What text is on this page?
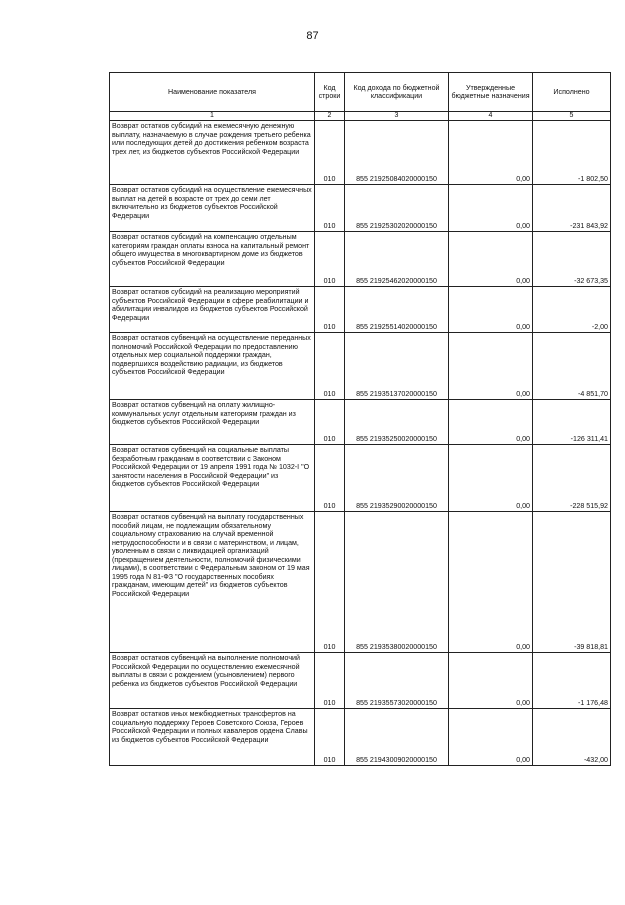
87
Наименование показателя	Код строки	Код дохода по бюджетной классификации	Утвержденные бюджетные назначения	Исполнено
1	2	3	4	5
Возврат остатков субсидий на ежемесячную денежную выплату, назначаемую в случае рождения третьего ребенка или последующих детей до достижения ребенком возраста трех лет, из бюджетов субъектов Российской Федерации	010	855 21925084020000150	0,00	-1 802,50
Возврат остатков субсидий на осуществление ежемесячных выплат на детей в возрасте от трех до семи лет включительно из бюджетов субъектов Российской Федерации	010	855 21925302020000150	0,00	-231 843,92
Возврат остатков субсидий на компенсацию отдельным категориям граждан оплаты взноса на капитальный ремонт общего имущества в многоквартирном доме из бюджетов субъектов Российской Федерации	010	855 21925462020000150	0,00	-32 673,35
Возврат остатков субсидий на реализацию мероприятий субъектов Российской Федерации в сфере реабилитации и абилитации инвалидов из бюджетов субъектов Российской Федерации	010	855 21925514020000150	0,00	-2,00
Возврат остатков субвенций на осуществление переданных полномочий Российской Федерации по предоставлению отдельных мер социальной поддержки граждан, подвергшихся воздействию радиации, из бюджетов субъектов Российской Федерации	010	855 21935137020000150	0,00	-4 851,70
Возврат остатков субвенций на оплату жилищно-коммунальных услуг отдельным категориям граждан из бюджетов субъектов Российской Федерации	010	855 21935250020000150	0,00	-126 311,41
Возврат остатков субвенций на социальные выплаты безработным гражданам в соответствии с Законом Российской Федерации от 19 апреля 1991 года № 1032-I "О занятости населения в Российской Федерации" из бюджетов субъектов Российской Федерации	010	855 21935290020000150	0,00	-228 515,92
Возврат остатков субвенций на выплату государственных пособий лицам, не подлежащим обязательному социальному страхованию на случай временной нетрудоспособности и в связи с материнством, и лицам, уволенным в связи с ликвидацией организаций (прекращением деятельности, полномочий физическими лицами), в соответствии с Федеральным законом от 19 мая 1995 года N 81-ФЗ "О государственных пособиях гражданам, имеющим детей" из бюджетов субъектов Российской Федерации	010	855 21935380020000150	0,00	-39 818,81
Возврат остатков субвенций на выполнение полномочий Российской Федерации по осуществлению ежемесячной выплаты в связи с рождением (усыновлением) первого ребенка из бюджетов субъектов Российской Федерации	010	855 21935573020000150	0,00	-1 176,48
Возврат остатков иных межбюджетных трансфертов на социальную поддержку Героев Советского Союза, Героев Российской Федерации и полных кавалеров ордена Славы из бюджетов субъектов Российской Федерации	010	855 21943009020000150	0,00	-432,00
